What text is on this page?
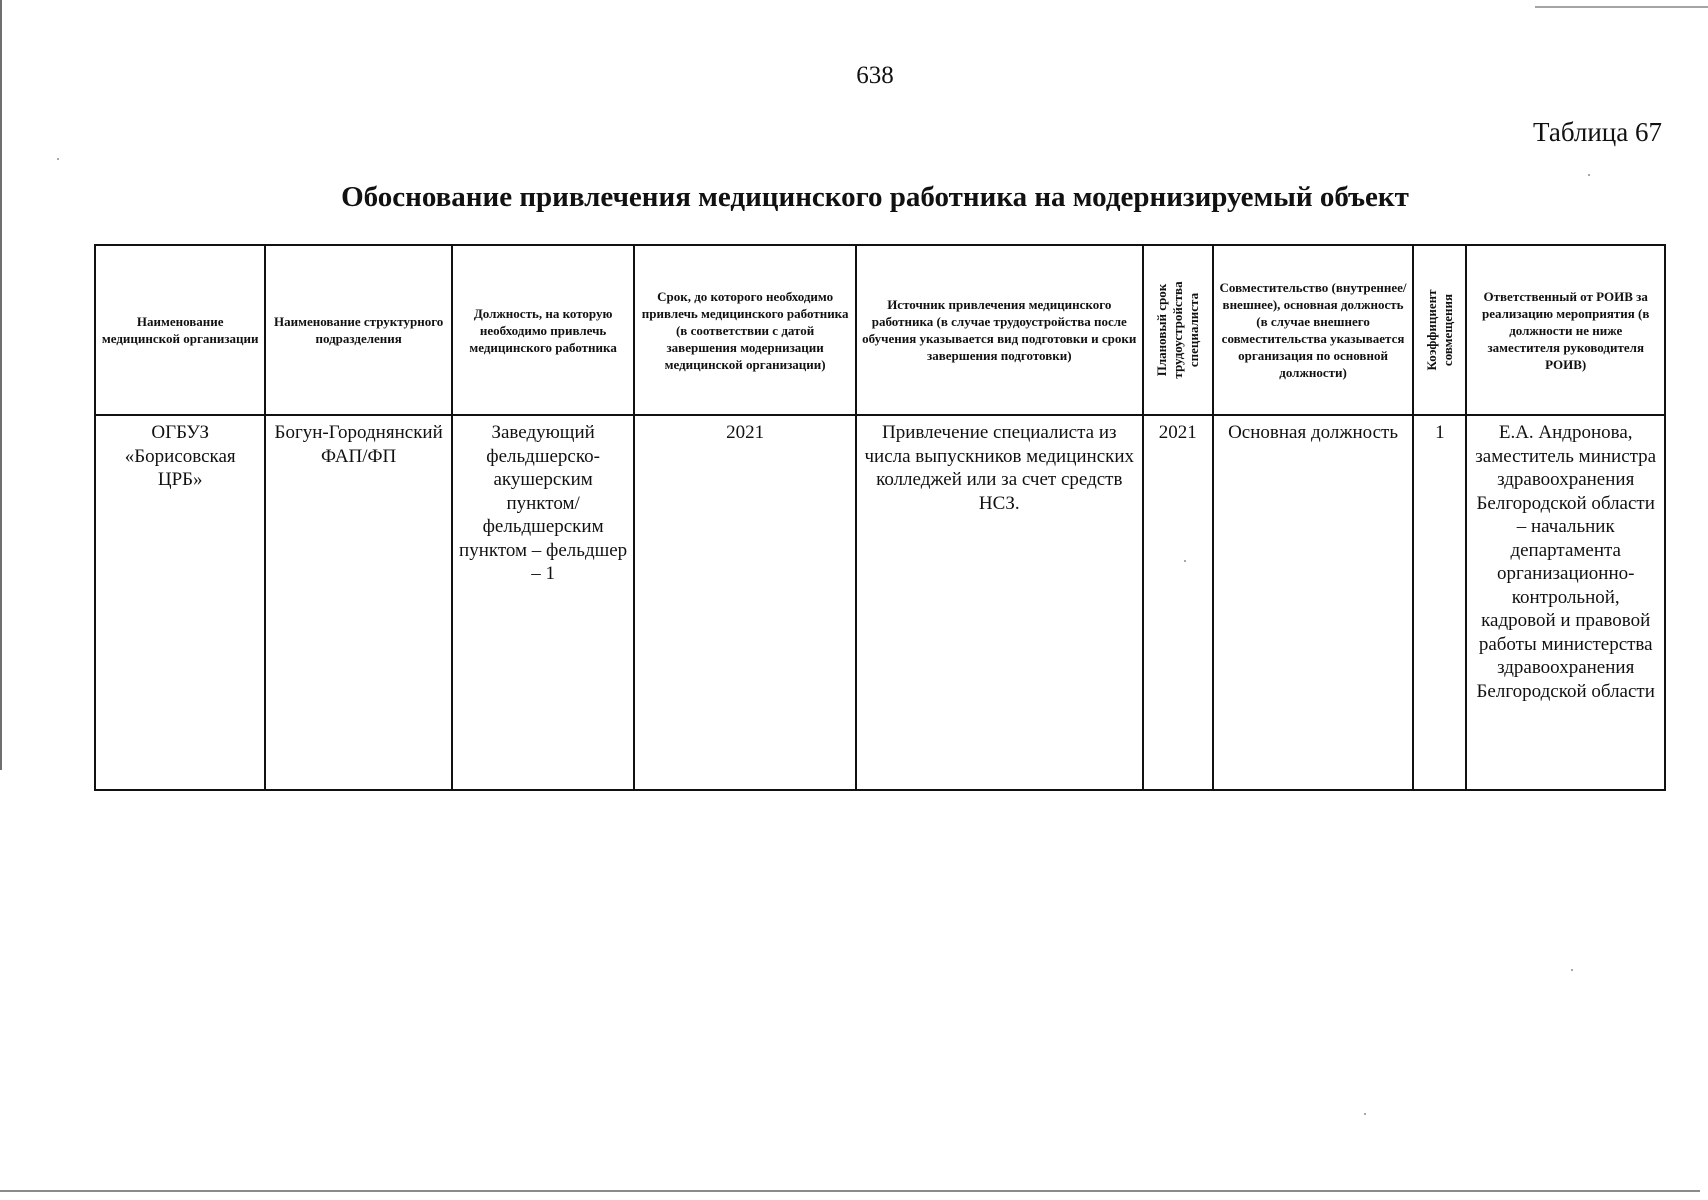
638
Таблица 67
Обоснование привлечения медицинского работника на модернизируемый объект
Наименование медицинской организации	Наименование структурного подразделения	Должность, на которую необходимо привлечь медицинского работника	Срок, до которого необходимо привлечь медицинского работника (в соответствии с датой завершения модернизации медицинской организации)	Источник привлечения медицинского работника (в случае трудоустройства после обучения указывается вид подготовки и сроки завершения подготовки)	Плановый срок трудоустройства специалиста	Совместительство (внутреннее/ внешнее), основная должность (в случае внешнего совместительства указывается организация по основной должности)	Коэффициент совмещения	Ответственный от РОИВ за реализацию мероприятия (в должности не ниже заместителя руководителя РОИВ)

ОГБУЗ «Борисовская ЦРБ»	Богун-Городнянский ФАП/ФП	Заведующий фельдшерско-акушерским пунктом/фельдшерским пунктом – фельдшер – 1	2021	Привлечение специалиста из числа выпускников медицинских колледжей или за счет средств НСЗ.	2021	Основная должность	1	Е.А. Андронова, заместитель министра здравоохранения Белгородской области – начальник департамента организационно-контрольной, кадровой и правовой работы министерства здравоохранения Белгородской области
